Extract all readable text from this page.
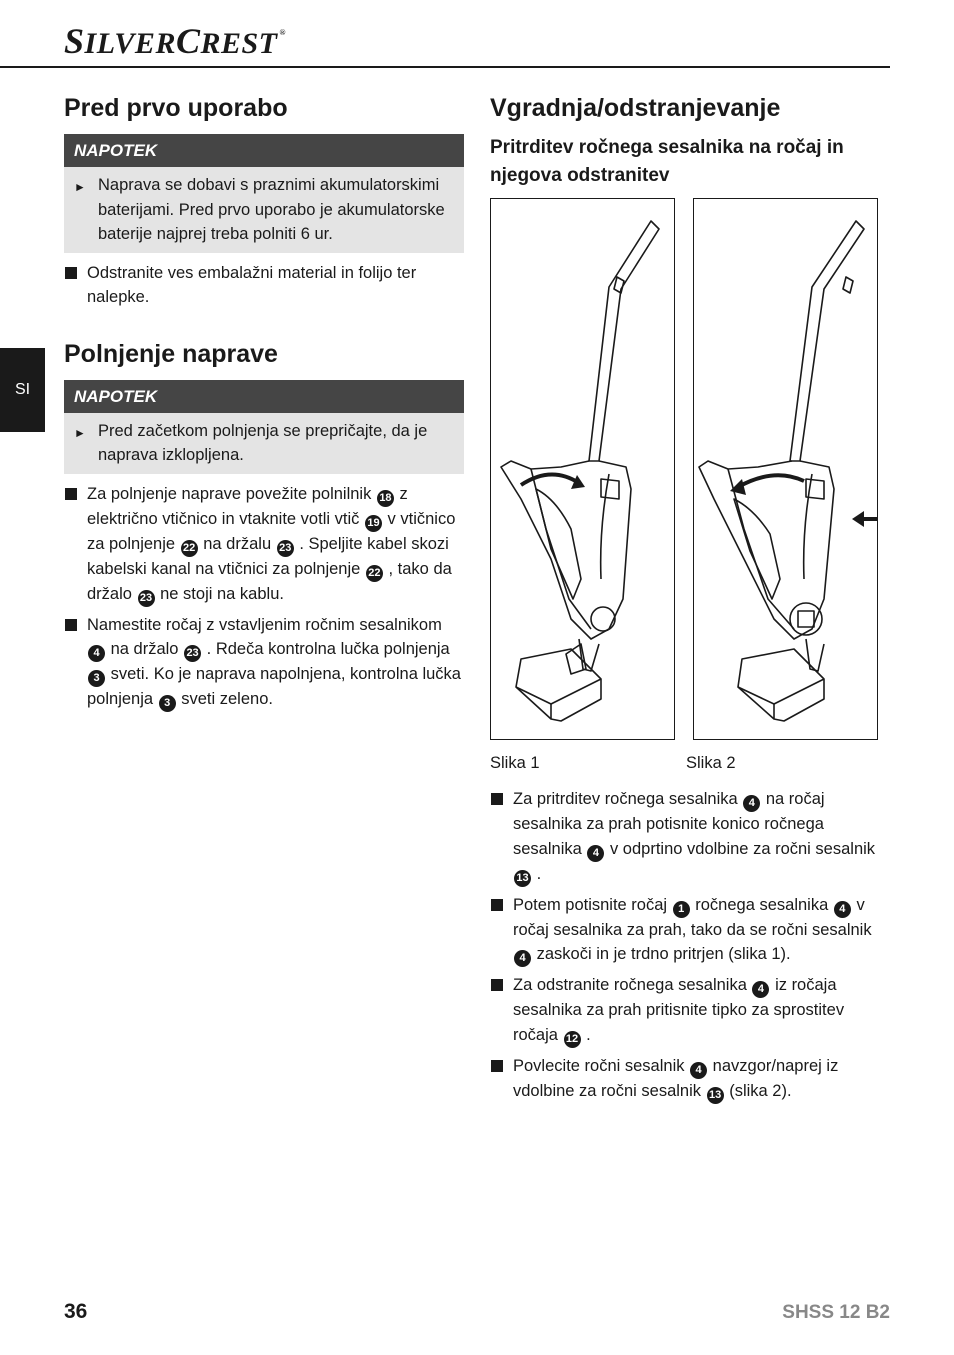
SILVERCREST ®
SI
Pred prvo uporabo
NAPOTEK
► Naprava se dobavi s praznimi akumulatorskimi baterijami. Pred prvo uporabo je akumulatorske baterije najprej treba polniti 6 ur.
Odstranite ves embalažni material in folijo ter nalepke.
Polnjenje naprave
NAPOTEK
► Pred začetkom polnjenja se prepričajte, da je naprava izklopljena.
Za polnjenje naprave povežite polnilnik 18 z električno vtičnico in vtaknite votli vtič 19 v vtičnico za polnjenje 22 na držalu 23 . Speljite kabel skozi kabelski kanal na vtičnici za polnjenje 22 , tako da držalo 23 ne stoji na kablu.
Namestite ročaj z vstavljenim ročnim sesalnikom 4 na držalo 23 . Rdeča kontrolna lučka polnjenja 3 sveti. Ko je naprava napolnjena, kontrolna lučka polnjenja 3 sveti zeleno.
Vgradnja/odstranjevanje
Pritrditev ročnega sesalnika na ročaj in njegova odstranitev
Slika 1	Slika 2
Za pritrditev ročnega sesalnika 4 na ročaj sesalnika za prah potisnite konico ročnega sesalnika 4 v odprtino vdolbine za ročni sesalnik 13 .
Potem potisnite ročaj 1 ročnega sesalnika 4 v ročaj sesalnika za prah, tako da se ročni sesalnik 4 zaskoči in je trdno pritrjen (slika 1).
Za odstranite ročnega sesalnika 4 iz ročaja sesalnika za prah pritisnite tipko za sprostitev ročaja 12 .
Povlecite ročni sesalnik 4 navzgor/naprej iz vdolbine za ročni sesalnik 13 (slika 2).
36	SHSS 12 B2
